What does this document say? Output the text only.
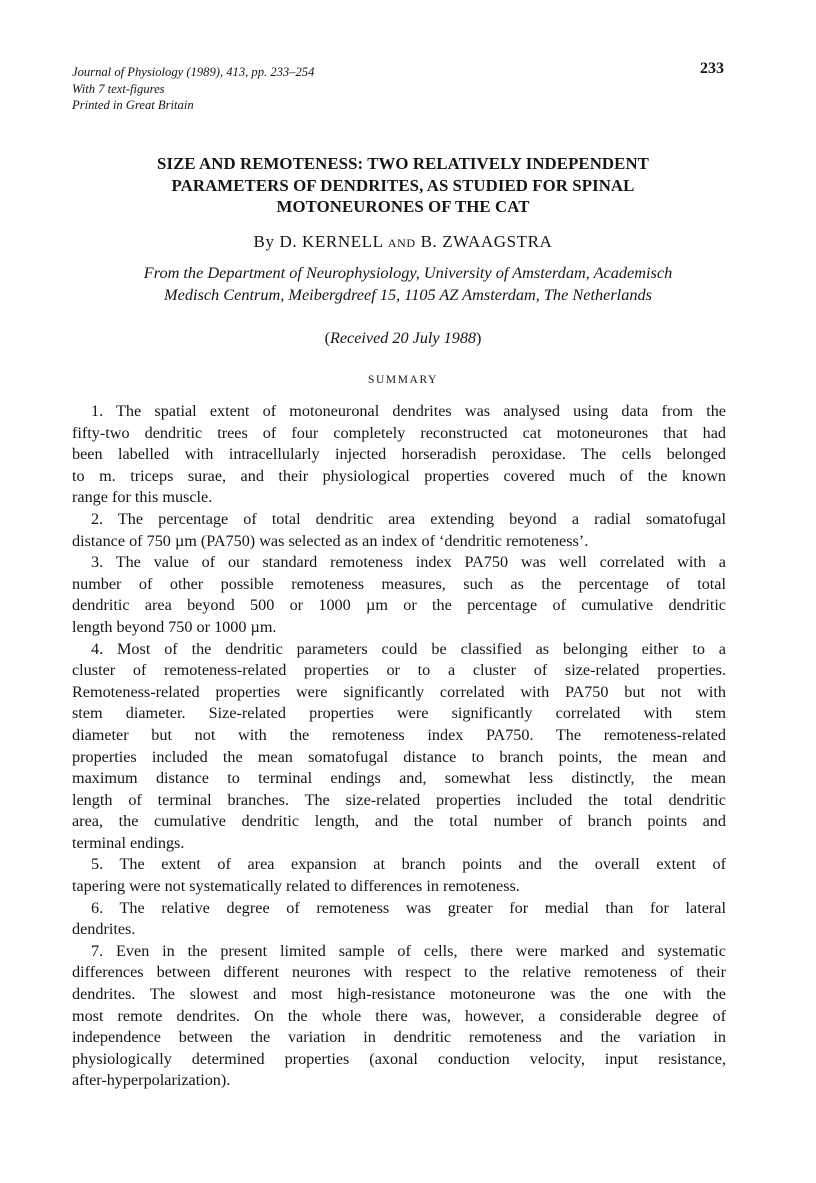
Journal of Physiology (1989), 413, pp. 233–254
With 7 text-figures
Printed in Great Britain
233
SIZE AND REMOTENESS: TWO RELATIVELY INDEPENDENT
PARAMETERS OF DENDRITES, AS STUDIED FOR SPINAL
MOTONEURONES OF THE CAT
By D. KERNELL AND B. ZWAAGSTRA
From the Department of Neurophysiology, University of Amsterdam, Academisch
Medisch Centrum, Meibergdreef 15, 1105 AZ Amsterdam, The Netherlands
(Received 20 July 1988)
SUMMARY
1. The spatial extent of motoneuronal dendrites was analysed using data from the
fifty-two dendritic trees of four completely reconstructed cat motoneurones that had
been labelled with intracellularly injected horseradish peroxidase. The cells belonged
to m. triceps surae, and their physiological properties covered much of the known
range for this muscle.
2. The percentage of total dendritic area extending beyond a radial somatofugal
distance of 750 µm (PA750) was selected as an index of ‘dendritic remoteness’.
3. The value of our standard remoteness index PA750 was well correlated with a
number of other possible remoteness measures, such as the percentage of total
dendritic area beyond 500 or 1000 µm or the percentage of cumulative dendritic
length beyond 750 or 1000 µm.
4. Most of the dendritic parameters could be classified as belonging either to a
cluster of remoteness-related properties or to a cluster of size-related properties.
Remoteness-related properties were significantly correlated with PA750 but not with
stem diameter. Size-related properties were significantly correlated with stem
diameter but not with the remoteness index PA750. The remoteness-related
properties included the mean somatofugal distance to branch points, the mean and
maximum distance to terminal endings and, somewhat less distinctly, the mean
length of terminal branches. The size-related properties included the total dendritic
area, the cumulative dendritic length, and the total number of branch points and
terminal endings.
5. The extent of area expansion at branch points and the overall extent of
tapering were not systematically related to differences in remoteness.
6. The relative degree of remoteness was greater for medial than for lateral
dendrites.
7. Even in the present limited sample of cells, there were marked and systematic
differences between different neurones with respect to the relative remoteness of their
dendrites. The slowest and most high-resistance motoneurone was the one with the
most remote dendrites. On the whole there was, however, a considerable degree of
independence between the variation in dendritic remoteness and the variation in
physiologically determined properties (axonal conduction velocity, input resistance,
after-hyperpolarization).
